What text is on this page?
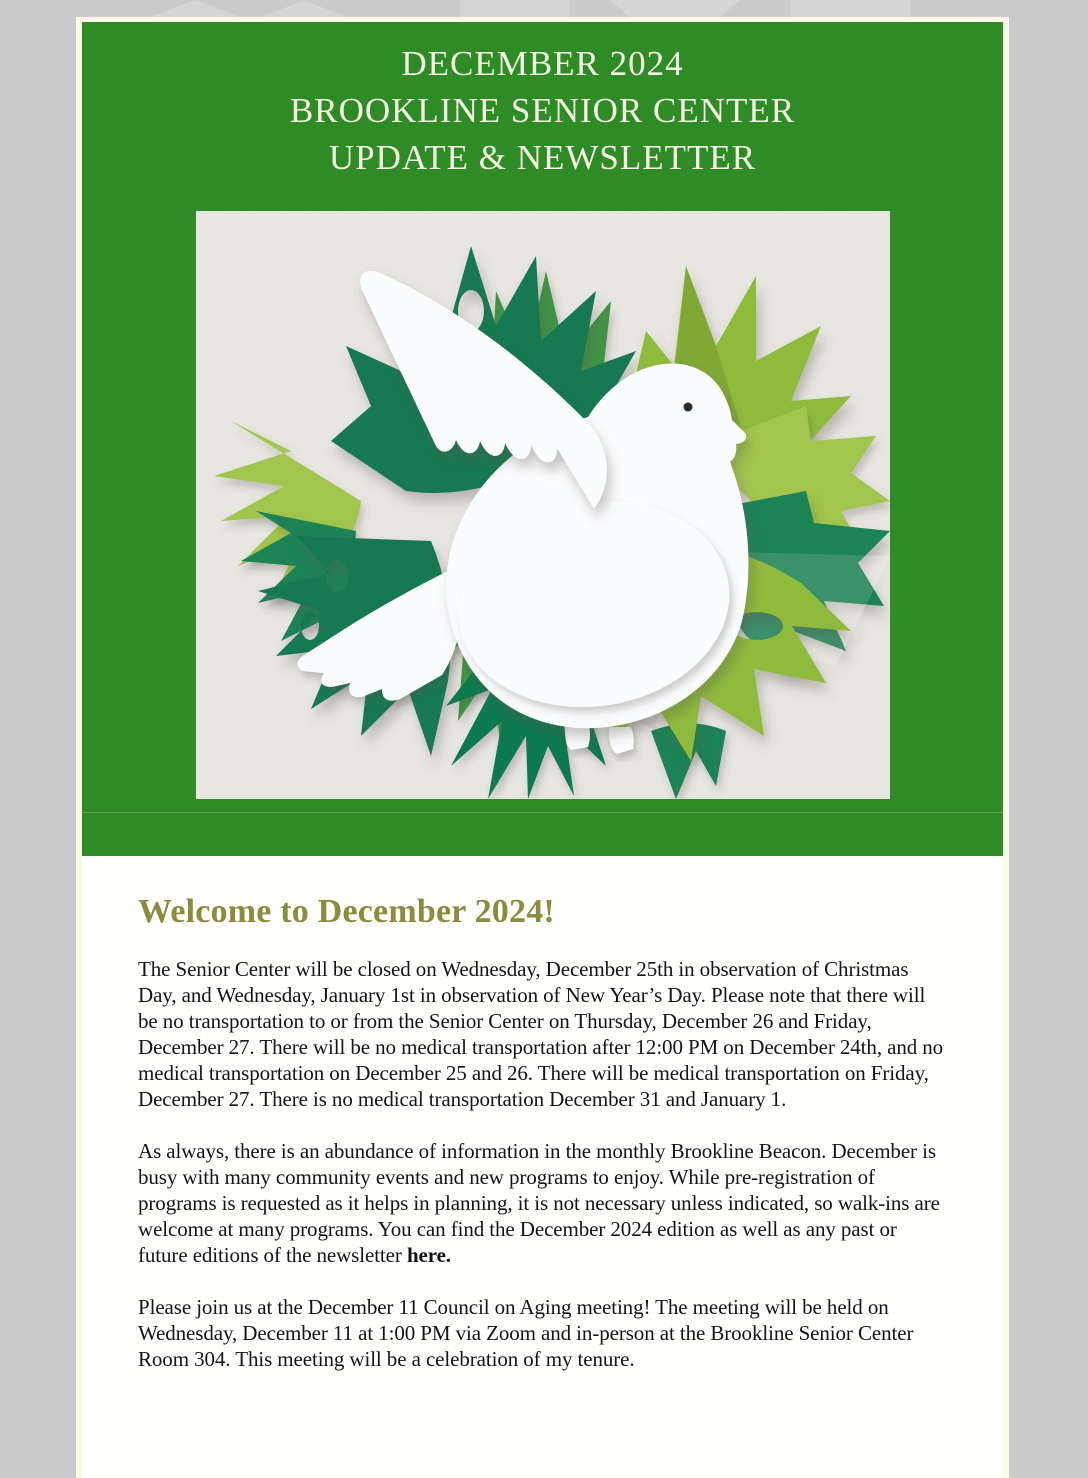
DECEMBER 2024
BROOKLINE SENIOR CENTER
UPDATE & NEWSLETTER
Welcome to December 2024!

The Senior Center will be closed on Wednesday, December 25th in observation of Christmas Day, and Wednesday, January 1st in observation of New Year’s Day. Please note that there will be no transportation to or from the Senior Center on Thursday, December 26 and Friday, December 27. There will be no medical transportation after 12:00 PM on December 24th, and no medical transportation on December 25 and 26. There will be medical transportation on Friday, December 27. There is no medical transportation December 31 and January 1.

As always, there is an abundance of information in the monthly Brookline Beacon. December is busy with many community events and new programs to enjoy. While pre-registration of programs is requested as it helps in planning, it is not necessary unless indicated, so walk-ins are welcome at many programs. You can find the December 2024 edition as well as any past or future editions of the newsletter here.

Please join us at the December 11 Council on Aging meeting! The meeting will be held on Wednesday, December 11 at 1:00 PM via Zoom and in-person at the Brookline Senior Center Room 304. This meeting will be a celebration of my tenure.
